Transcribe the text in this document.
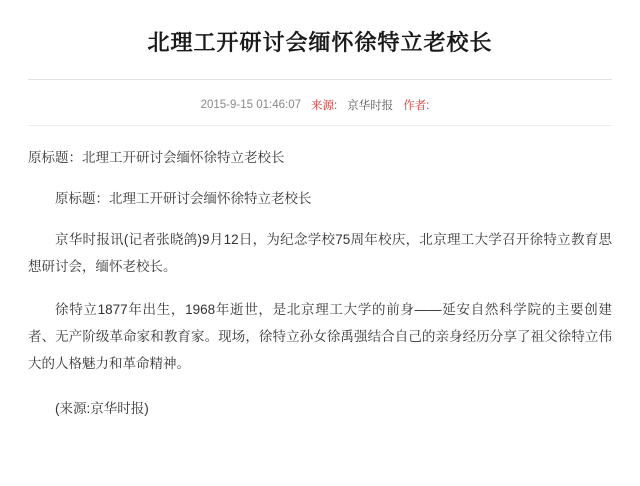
北理工开研讨会缅怀徐特立老校长
2015-9-15 01:46:07 来源: 京华时报 作者:

原标题：北理工开研讨会缅怀徐特立老校长

原标题：北理工开研讨会缅怀徐特立老校长

京华时报讯(记者张晓鸽)9月12日，为纪念学校75周年校庆，北京理工大学召开徐特立教育思想研讨会，缅怀老校长。

徐特立1877年出生，1968年逝世，是北京理工大学的前身——延安自然科学院的主要创建者、无产阶级革命家和教育家。现场，徐特立孙女徐禹强结合自己的亲身经历分享了祖父徐特立伟大的人格魅力和革命精神。

(来源:京华时报)
